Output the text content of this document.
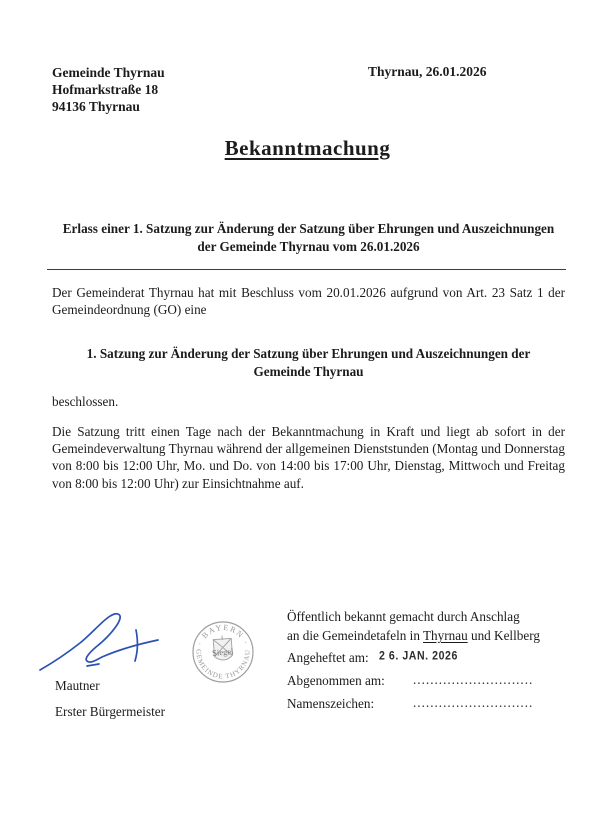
Gemeinde Thyrnau
Hofmarkstraße 18
94136 Thyrnau
Thyrnau, 26.01.2026
Bekanntmachung
Erlass einer 1. Satzung zur Änderung der Satzung über Ehrungen und Auszeichnungen
der Gemeinde Thyrnau vom 26.01.2026

Der Gemeinderat Thyrnau hat mit Beschluss vom 20.01.2026 aufgrund von Art. 23 Satz 1 der Gemeindeordnung (GO) eine

1. Satzung zur Änderung der Satzung über Ehrungen und Auszeichnungen der
Gemeinde Thyrnau

beschlossen.

Die Satzung tritt einen Tage nach der Bekanntmachung in Kraft und liegt ab sofort in der Gemeindeverwaltung Thyrnau während der allgemeinen Dienststunden (Montag und Donnerstag von 8:00 bis 12:00 Uhr, Mo. und Do. von 14:00 bis 17:00 Uhr, Dienstag, Mittwoch und Freitag von 8:00 bis 12:00 Uhr) zur Einsichtnahme auf.

Mautner
Erster Bürgermeister
· BAYERN ·
GEMEINDE THYRNAU
Siegel
Öffentlich bekannt gemacht durch Anschlag
an die Gemeindetafeln in Thyrnau und Kellberg
Angeheftet am: 2 6. JAN. 2026
Abgenommen am: ............................
Namenszeichen:	............................
